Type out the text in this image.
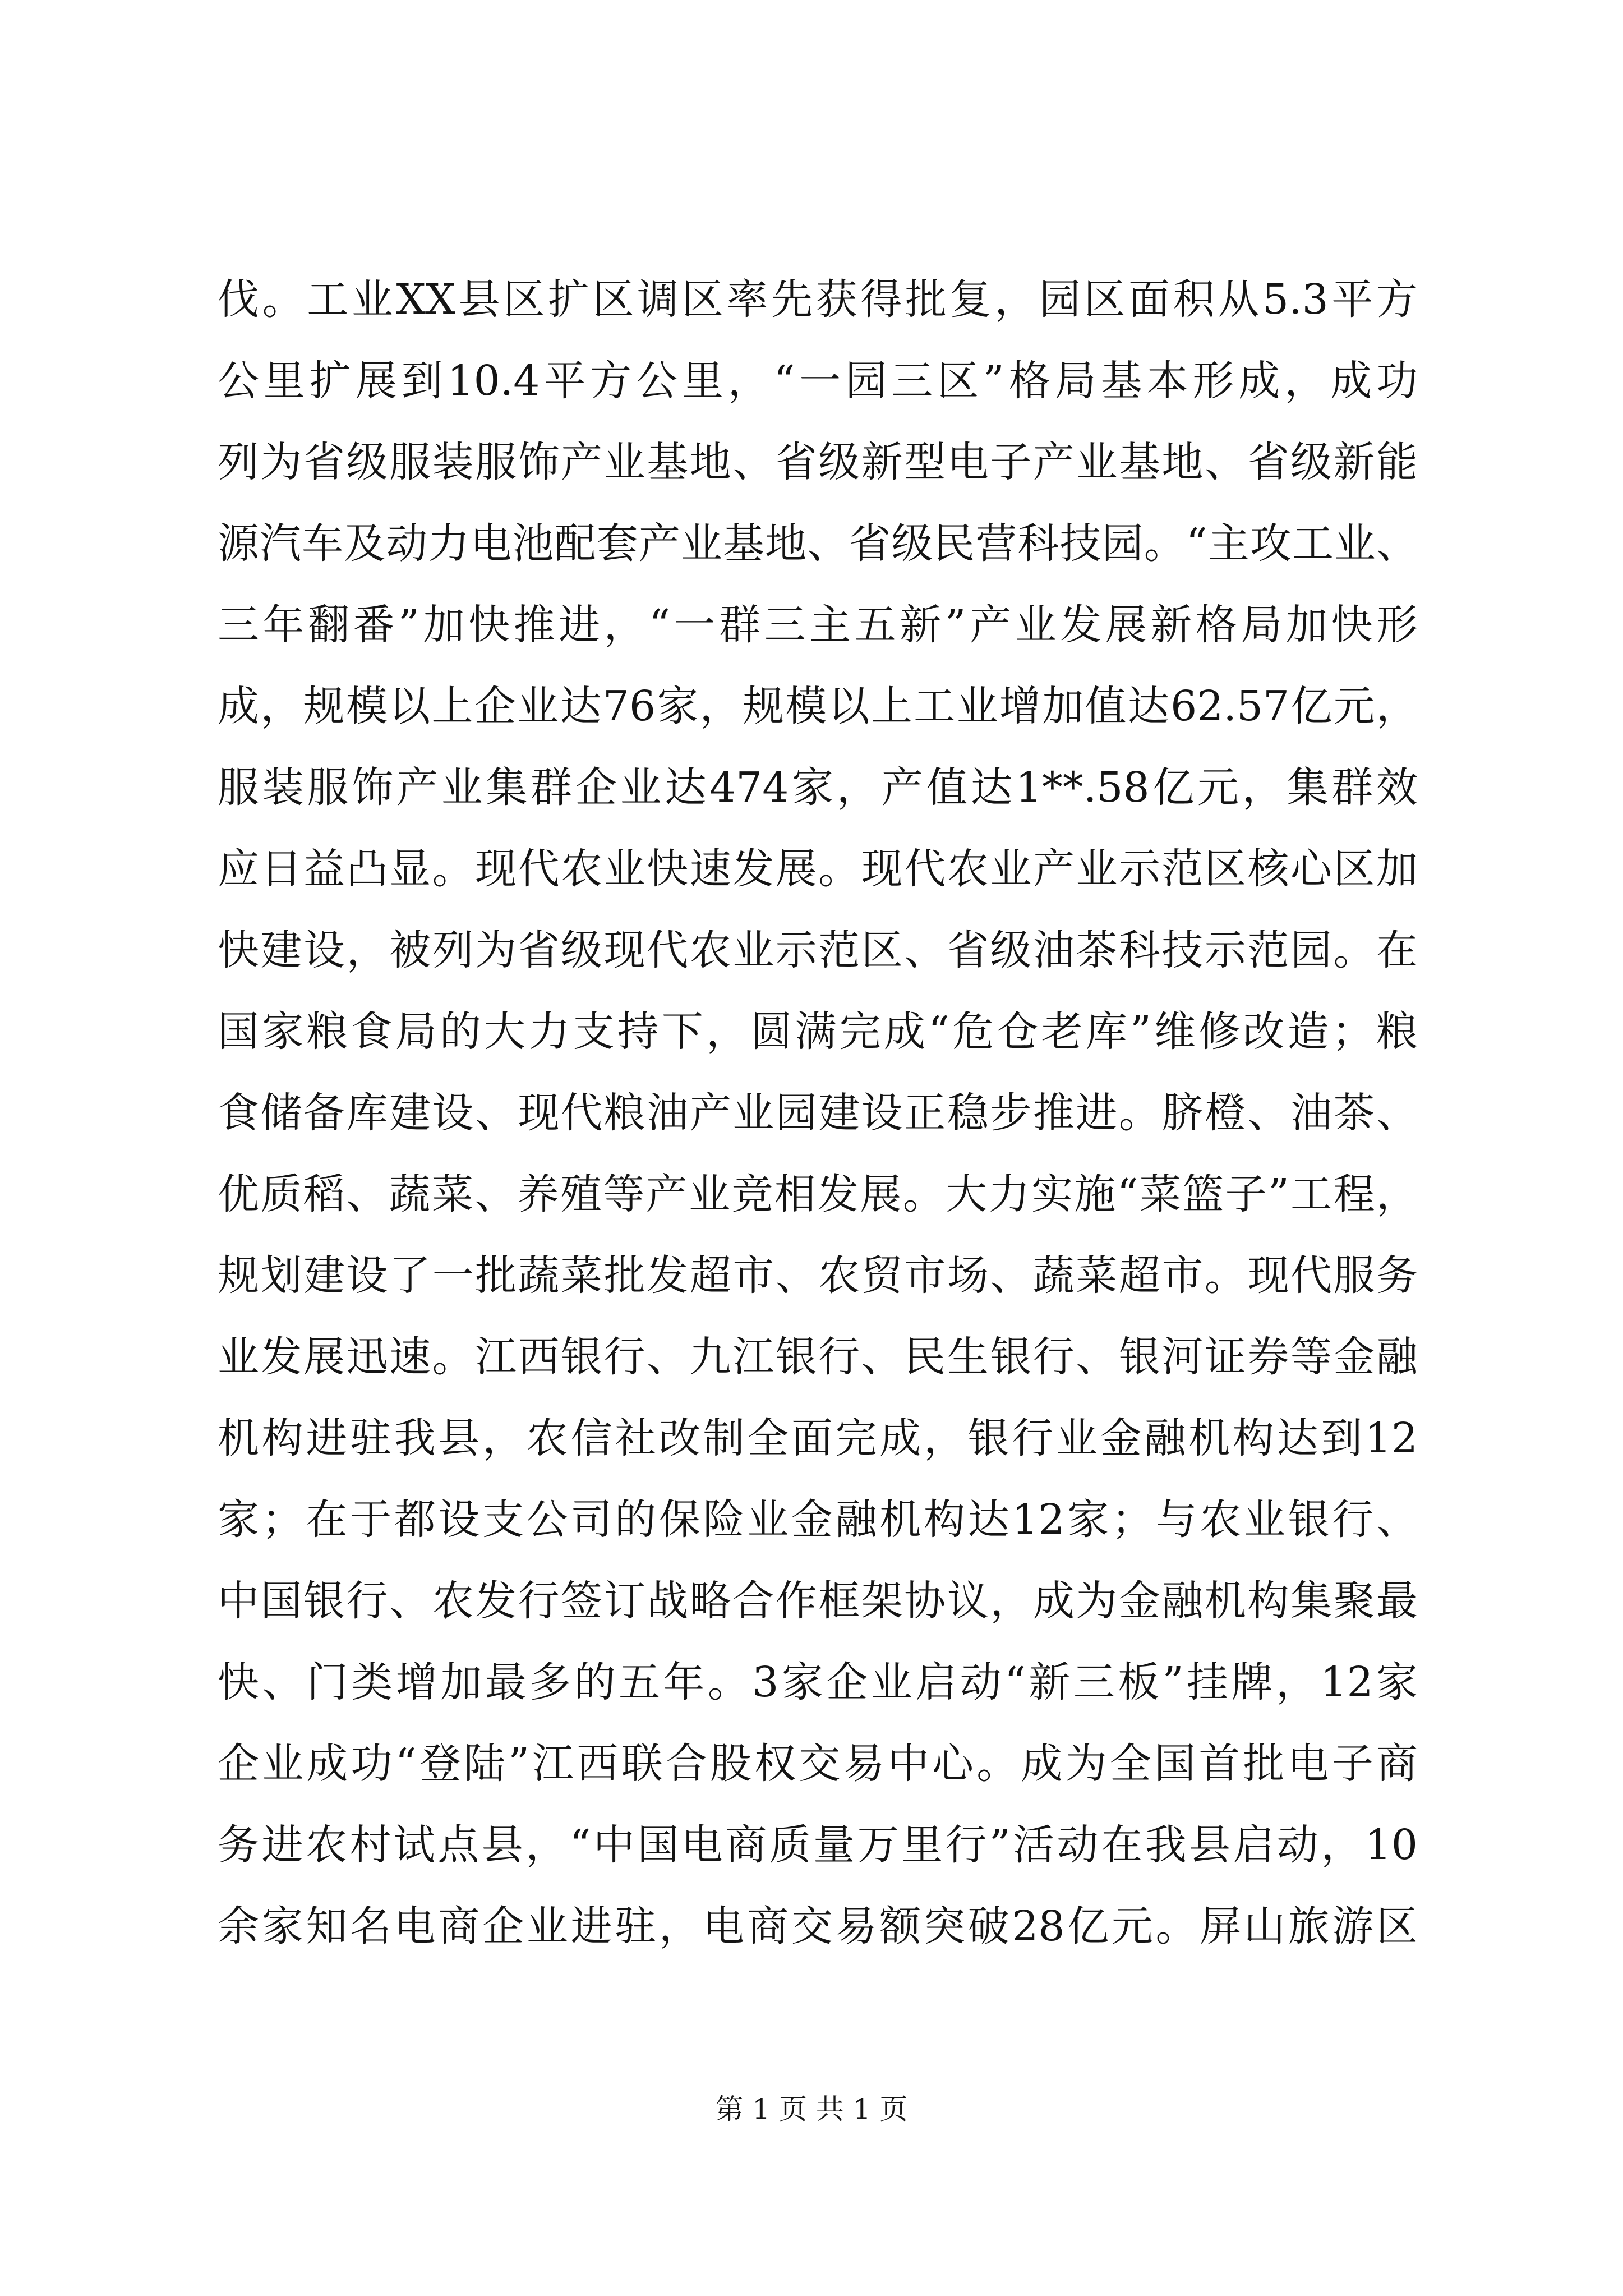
伐。工业XX县区扩区调区率先获得批复，园区面积从5.3平方
公里扩展到10.4平方公里，“一园三区”格局基本形成，成功
列为省级服装服饰产业基地、省级新型电子产业基地、省级新能
源汽车及动力电池配套产业基地、省级民营科技园。“主攻工业、
三年翻番”加快推进，“一群三主五新”产业发展新格局加快形
成，规模以上企业达76家，规模以上工业增加值达62.57亿元，
服装服饰产业集群企业达474家，产值达1**.58亿元，集群效
应日益凸显。现代农业快速发展。现代农业产业示范区核心区加
快建设，被列为省级现代农业示范区、省级油茶科技示范园。在
国家粮食局的大力支持下，圆满完成“危仓老库”维修改造；粮
食储备库建设、现代粮油产业园建设正稳步推进。脐橙、油茶、
优质稻、蔬菜、养殖等产业竞相发展。大力实施“菜篮子”工程，
规划建设了一批蔬菜批发超市、农贸市场、蔬菜超市。现代服务
业发展迅速。江西银行、九江银行、民生银行、银河证券等金融
机构进驻我县，农信社改制全面完成，银行业金融机构达到12
家；在于都设支公司的保险业金融机构达12家；与农业银行、
中国银行、农发行签订战略合作框架协议，成为金融机构集聚最
快、门类增加最多的五年。3家企业启动“新三板”挂牌，12家
企业成功“登陆”江西联合股权交易中心。成为全国首批电子商
务进农村试点县，“中国电商质量万里行”活动在我县启动，10
余家知名电商企业进驻，电商交易额突破28亿元。屏山旅游区
第 1 页 共 1 页
